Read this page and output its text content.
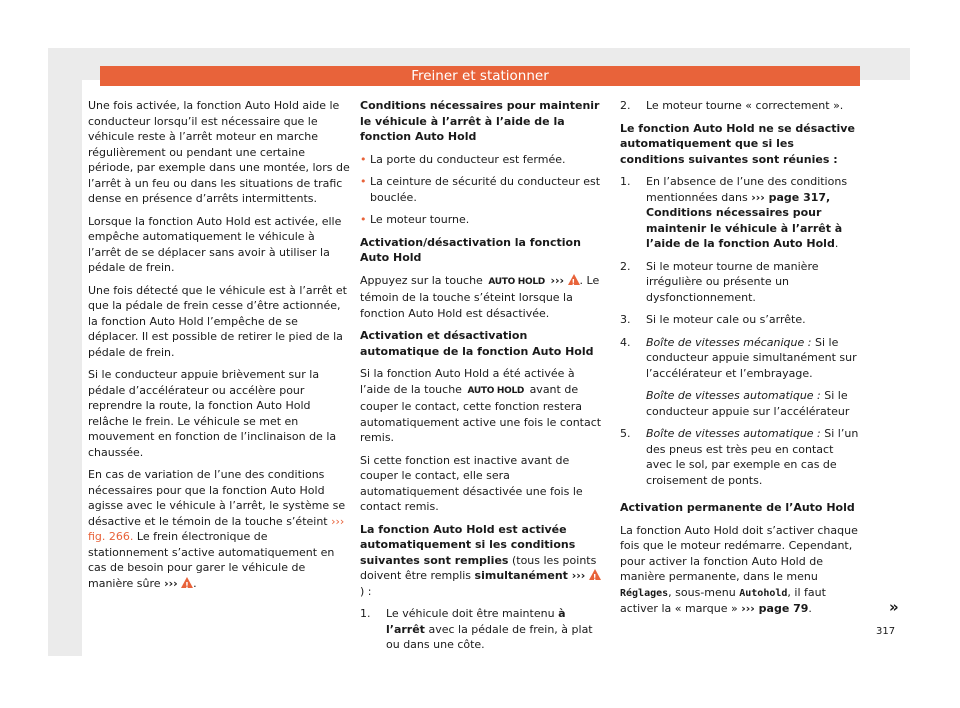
Freiner et stationner

Une fois activée, la fonction Auto Hold aide le conducteur lorsqu’il est nécessaire que le véhicule reste à l’arrêt moteur en marche régulièrement ou pendant une certaine période, par exemple dans une montée, lors de l’arrêt à un feu ou dans les situations de trafic dense en présence d’arrêts intermittents.

Lorsque la fonction Auto Hold est activée, elle empêche automatiquement le véhicule à l’arrêt de se déplacer sans avoir à utiliser la pédale de frein.

Une fois détecté que le véhicule est à l’arrêt et que la pédale de frein cesse d’être actionnée, la fonction Auto Hold l’empêche de se déplacer. Il est possible de retirer le pied de la pédale de frein.

Si le conducteur appuie brièvement sur la pédale d’accélérateur ou accélère pour reprendre la route, la fonction Auto Hold relâche le frein. Le véhicule se met en mouvement en fonction de l’inclinaison de la chaussée.

En cas de variation de l’une des conditions nécessaires pour que la fonction Auto Hold agisse avec le véhicule à l’arrêt, le système se désactive et le témoin de la touche s’éteint ››› fig. 266. Le frein électronique de stationnement s’active automatiquement en cas de besoin pour garer le véhicule de manière sûre ››› ! .

Conditions nécessaires pour maintenir le véhicule à l’arrêt à l’aide de la fonction Auto Hold

• La porte du conducteur est fermée.
• La ceinture de sécurité du conducteur est bouclée.
• Le moteur tourne.

Activation/désactivation la fonction Auto Hold

Appuyez sur la touche AUTO HOLD ››› ! . Le témoin de la touche s’éteint lorsque la fonction Auto Hold est désactivée.

Activation et désactivation automatique de la fonction Auto Hold

Si la fonction Auto Hold a été activée à l’aide de la touche AUTO HOLD avant de couper le contact, cette fonction restera automatiquement active une fois le contact remis.

Si cette fonction est inactive avant de couper le contact, elle sera automatiquement désactivée une fois le contact remis.

La fonction Auto Hold est activée automatiquement si les conditions suivantes sont remplies (tous les points doivent être remplis simultanément ››› !) :

1. Le véhicule doit être maintenu à l’arrêt avec la pédale de frein, à plat ou dans une côte.
2. Le moteur tourne « correctement ».

Le fonction Auto Hold ne se désactive automatiquement que si les conditions suivantes sont réunies :

1. En l’absence de l’une des conditions mentionnées dans ››› page 317, Conditions nécessaires pour maintenir le véhicule à l’arrêt à l’aide de la fonction Auto Hold.
2. Si le moteur tourne de manière irrégulière ou présente un dysfonctionnement.
3. Si le moteur cale ou s’arrête.
4. Boîte de vitesses mécanique : Si le conducteur appuie simultanément sur l’accélérateur et l’embrayage.
Boîte de vitesses automatique : Si le conducteur appuie sur l’accélérateur
5. Boîte de vitesses automatique : Si l’un des pneus est très peu en contact avec le sol, par exemple en cas de croisement de ponts.

Activation permanente de l’Auto Hold

La fonction Auto Hold doit s’activer chaque fois que le moteur redémarre. Cependant, pour activer la fonction Auto Hold de manière permanente, dans le menu Réglages, sous-menu Autohold, il faut activer la « marque » ››› page 79.	»
317
